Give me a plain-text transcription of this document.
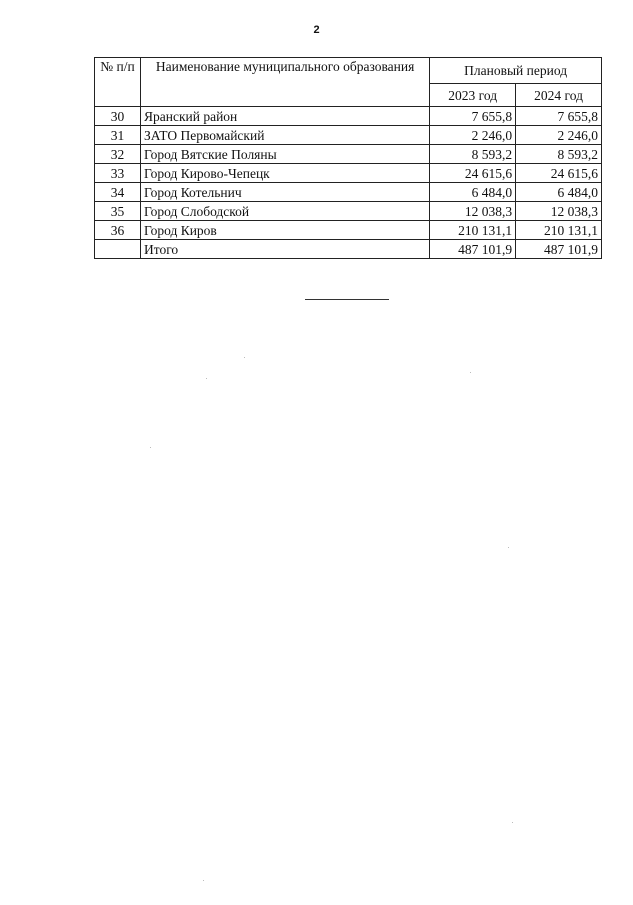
2
№ п/п	Наименование муниципального образования	Плановый период	
		2023 год	2024 год
30	Яранский район	7 655,8	7 655,8
31	ЗАТО Первомайский	2 246,0	2 246,0
32	Город Вятские Поляны	8 593,2	8 593,2
33	Город Кирово-Чепецк	24 615,6	24 615,6
34	Город Котельнич	6 484,0	6 484,0
35	Город Слободской	12 038,3	12 038,3
36	Город Киров	210 131,1	210 131,1
	Итого	487 101,9	487 101,9
